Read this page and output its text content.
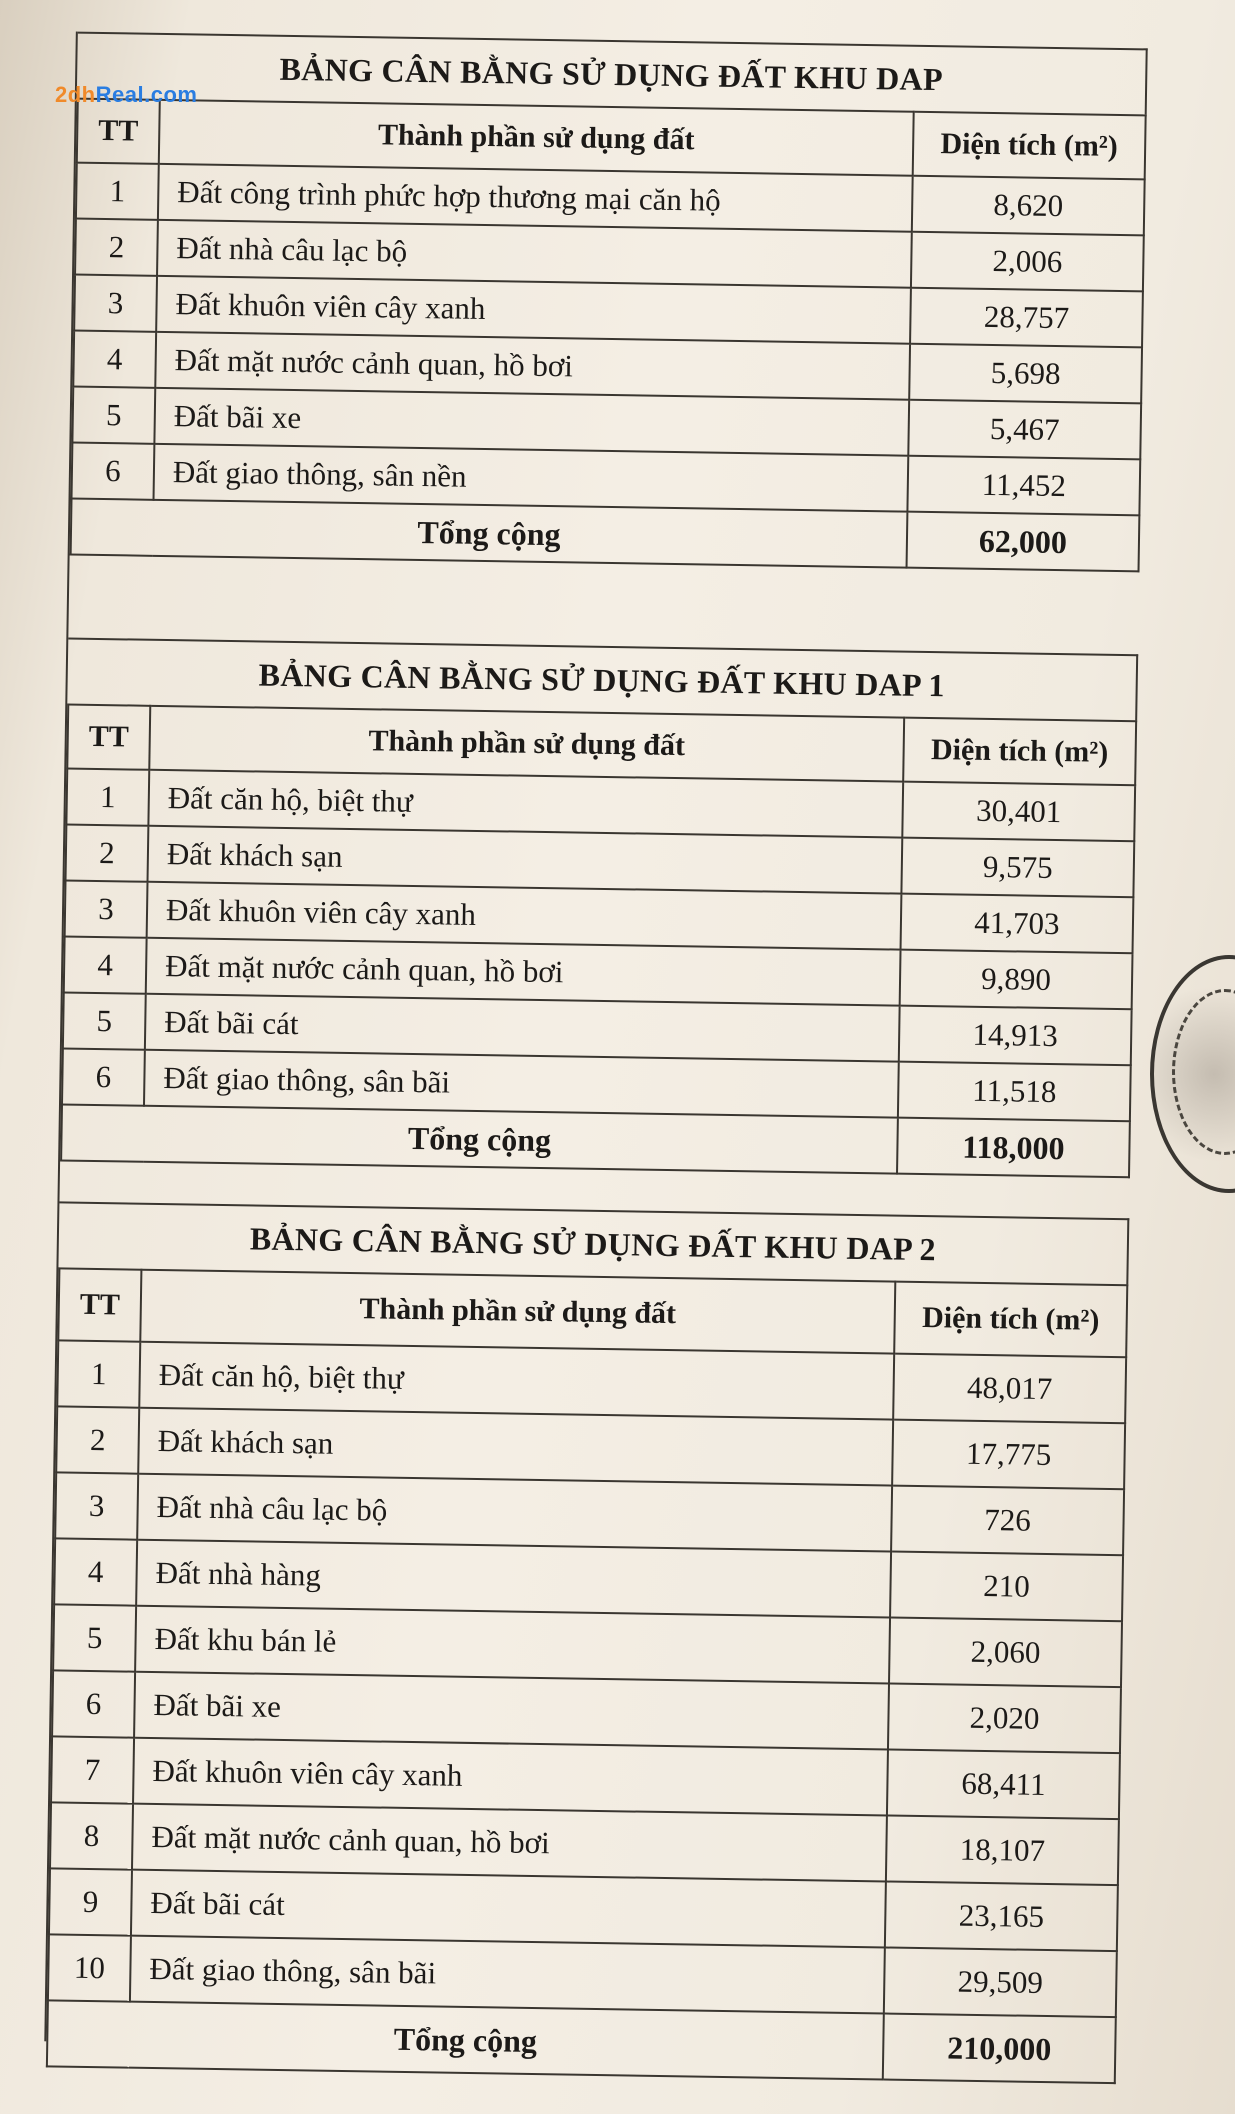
2dhReal.com	BẢNG CÂN BẰNG SỬ DỤNG ĐẤT KHU DAP
TT	Thành phần sử dụng đất	Diện tích (m²)
1	Đất công trình phức hợp thương mại căn hộ	8,620
2	Đất nhà câu lạc bộ	2,006
3	Đất khuôn viên cây xanh	28,757
4	Đất mặt nước cảnh quan, hồ bơi	5,698
5	Đất bãi xe	5,467
6	Đất giao thông, sân nền	11,452
Tổng cộng		62,000
BẢNG CÂN BẰNG SỬ DỤNG ĐẤT KHU DAP 1
TT	Thành phần sử dụng đất	Diện tích (m²)
1	Đất căn hộ, biệt thự	30,401
2	Đất khách sạn	9,575
3	Đất khuôn viên cây xanh	41,703
4	Đất mặt nước cảnh quan, hồ bơi	9,890
5	Đất bãi cát	14,913
6	Đất giao thông, sân bãi	11,518
Tổng cộng		118,000
BẢNG CÂN BẰNG SỬ DỤNG ĐẤT KHU DAP 2
TT	Thành phần sử dụng đất	Diện tích (m²)
1	Đất căn hộ, biệt thự	48,017
2	Đất khách sạn	17,775
3	Đất nhà câu lạc bộ	726
4	Đất nhà hàng	210
5	Đất khu bán lẻ	2,060
6	Đất bãi xe	2,020
7	Đất khuôn viên cây xanh	68,411
8	Đất mặt nước cảnh quan, hồ bơi	18,107
9	Đất bãi cát	23,165
10	Đất giao thông, sân bãi	29,509
Tổng cộng		210,000
